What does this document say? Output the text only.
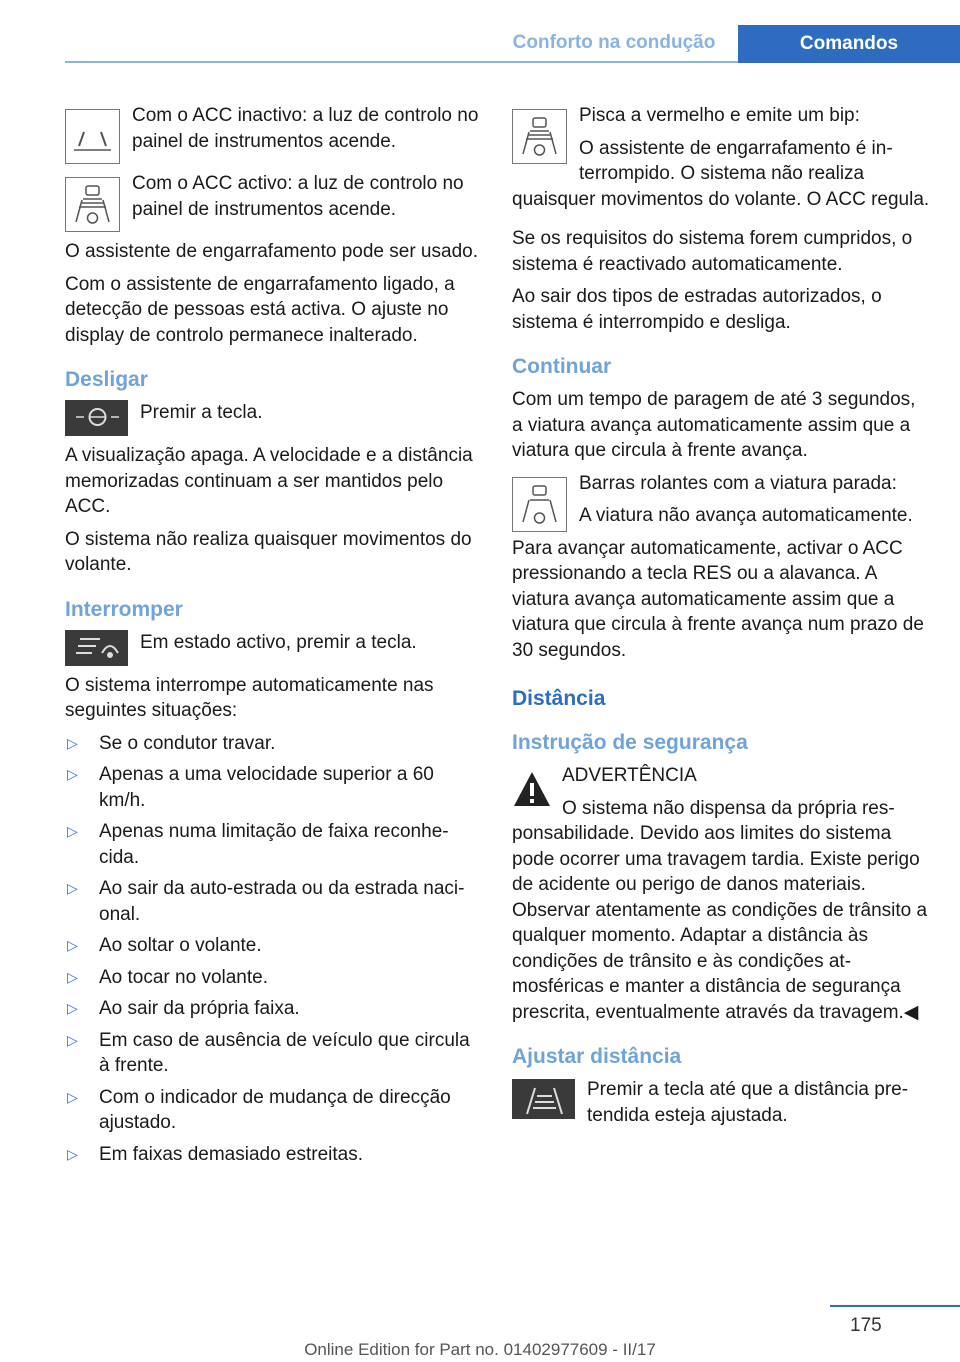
Conforto na condução	Comandos
Com o ACC inactivo: a luz de controlo no painel de instrumentos acende.
Com o ACC activo: a luz de controlo no painel de instrumentos acende.

O assistente de engarrafamento pode ser usado.

Com o assistente de engarrafamento ligado, a detecção de pessoas está activa. O ajuste no display de controlo permanece inalterado.

Desligar
Premir a tecla.

A visualização apaga. A velocidade e a distância memorizadas continuam a ser mantidos pelo ACC.

O sistema não realiza quaisquer movimentos do volante.

Interromper
Em estado activo, premir a tecla.

O sistema interrompe automaticamente nas seguintes situações:

▷ Se o condutor travar.
▷ Apenas a uma velocidade superior a 60 km/h.
▷ Apenas numa limitação de faixa reconhecida.
▷ Ao sair da auto-estrada ou da estrada nacional.
▷ Ao soltar o volante.
▷ Ao tocar no volante.
▷ Ao sair da própria faixa.
▷ Em caso de ausência de veículo que circula à frente.
▷ Com o indicador de mudança de direcção ajustado.
▷ Em faixas demasiado estreitas.
Pisca a vermelho e emite um bip:
O assistente de engarrafamento é interrompido. O sistema não realiza quaisquer movimentos do volante. O ACC regula.

Se os requisitos do sistema forem cumpridos, o sistema é reactivado automaticamente.

Ao sair dos tipos de estradas autorizados, o sistema é interrompido e desliga.

Continuar

Com um tempo de paragem de até 3 segundos, a viatura avança automaticamente assim que a viatura que circula à frente avança.

Barras rolantes com a viatura parada:
A viatura não avança automaticamente.
Para avançar automaticamente, activar o ACC pressionando a tecla RES ou a alavanca. A viatura avança automaticamente assim que a viatura que circula à frente avança num prazo de 30 segundos.
Distância
Instrução de segurança
ADVERTÊNCIA
O sistema não dispensa da própria responsabilidade. Devido aos limites do sistema pode ocorrer uma travagem tardia. Existe perigo de acidente ou perigo de danos materiais. Observar atentamente as condições de trânsito a qualquer momento. Adaptar a distância às condições de trânsito e às condições atmosféricas e manter a distância de segurança prescrita, eventualmente através da travagem.◀
Ajustar distância
Premir a tecla até que a distância pretendida esteja ajustada.
175
Online Edition for Part no. 01402977609 - II/17
